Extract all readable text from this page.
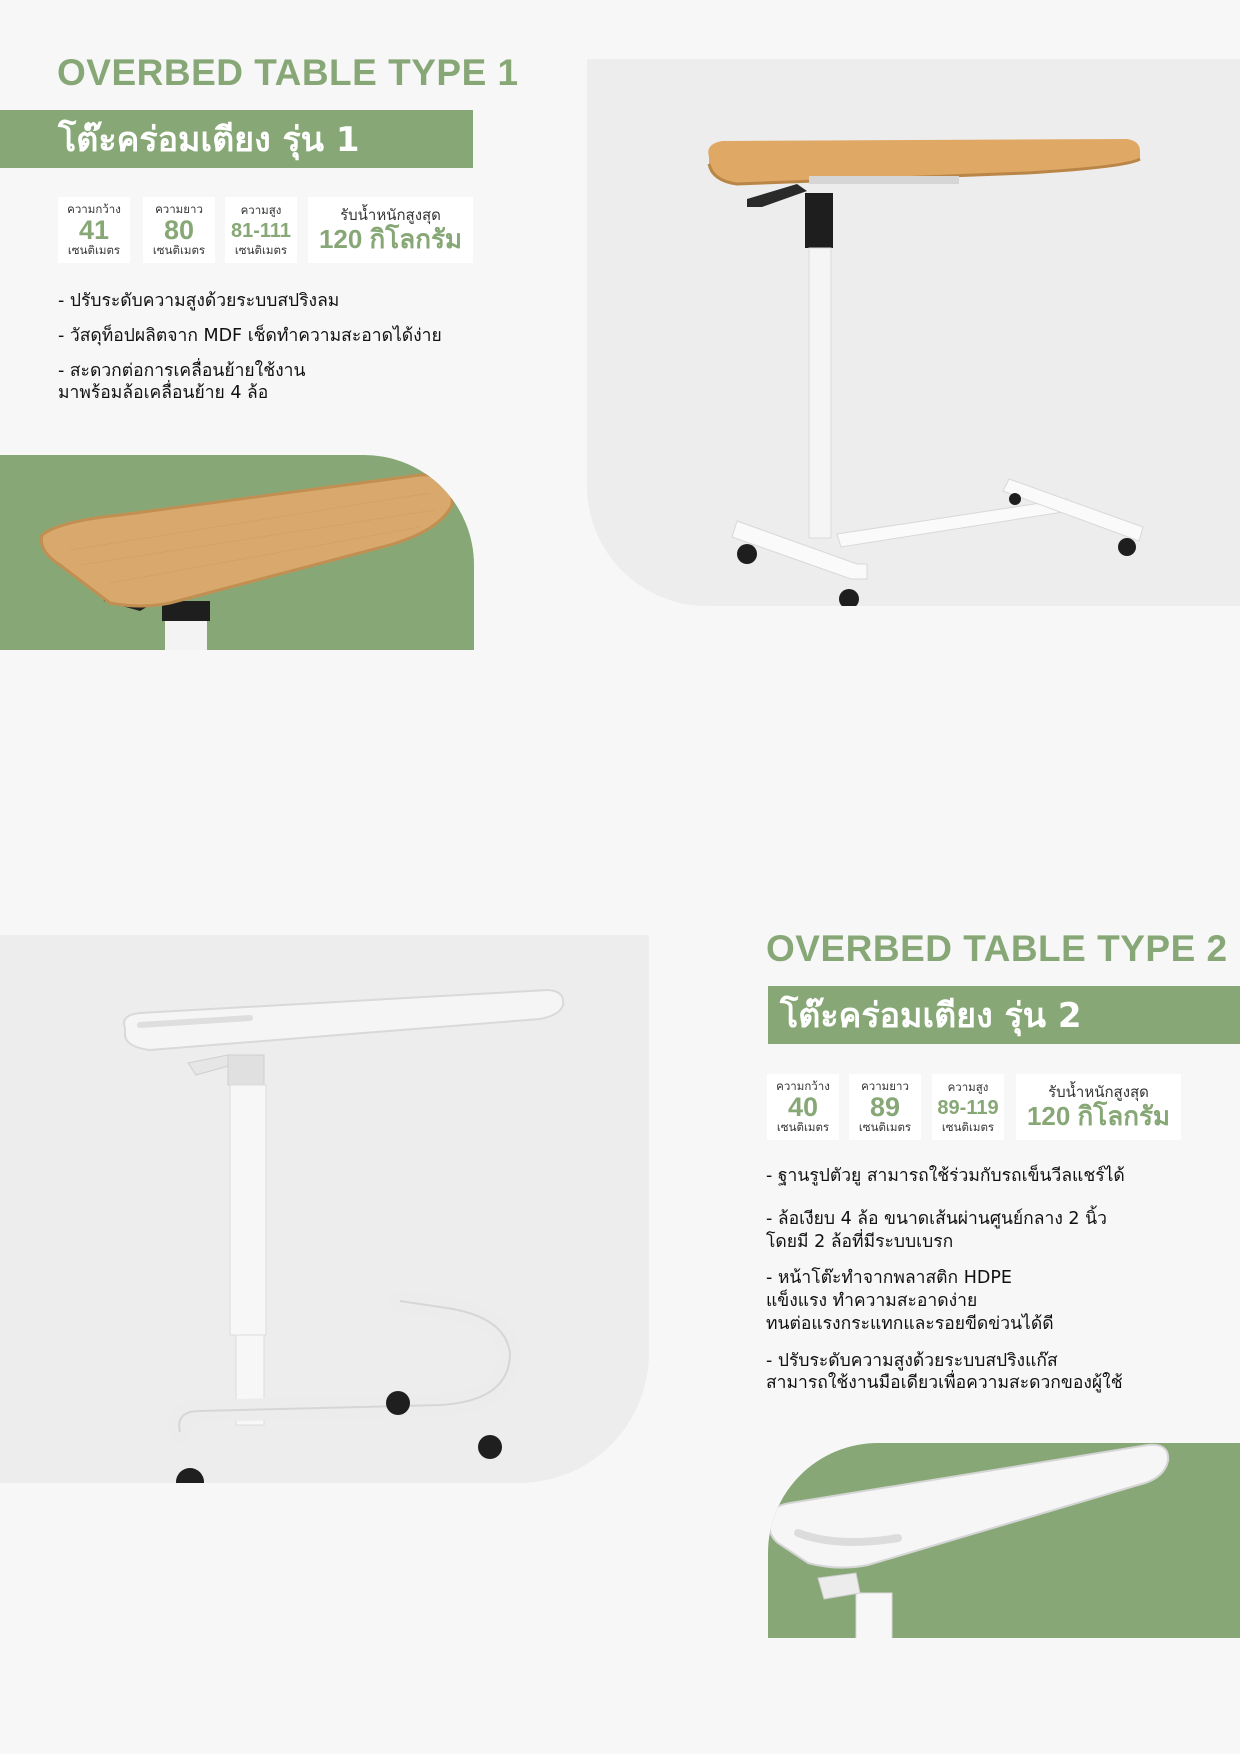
OVERBED TABLE TYPE 1
โต๊ะคร่อมเตียง รุ่น 1
ความกว้าง
41
เซนติเมตร
ความยาว
80
เซนติเมตร
ความสูง
81-111
เซนติเมตร
รับน้ำหนักสูงสุด
120 กิโลกรัม
- ปรับระดับความสูงด้วยระบบสปริงลม
- วัสดุท็อปผลิตจาก MDF เช็ดทำความสะอาดได้ง่าย
- สะดวกต่อการเคลื่อนย้ายใช้งาน
มาพร้อมล้อเคลื่อนย้าย 4 ล้อ
OVERBED TABLE TYPE 2
โต๊ะคร่อมเตียง รุ่น 2
ความกว้าง
40
เซนติเมตร
ความยาว
89
เซนติเมตร
ความสูง
89-119
เซนติเมตร
รับน้ำหนักสูงสุด
120 กิโลกรัม
- ฐานรูปตัวยู สามารถใช้ร่วมกับรถเข็นวีลแชร์ได้
- ล้อเงียบ 4 ล้อ ขนาดเส้นผ่านศูนย์กลาง 2 นิ้ว
โดยมี 2 ล้อที่มีระบบเบรก
- หน้าโต๊ะทำจากพลาสติก HDPE
แข็งแรง ทำความสะอาดง่าย
ทนต่อแรงกระแทกและรอยขีดข่วนได้ดี
- ปรับระดับความสูงด้วยระบบสปริงแก๊ส
สามารถใช้งานมือเดียวเพื่อความสะดวกของผู้ใช้
